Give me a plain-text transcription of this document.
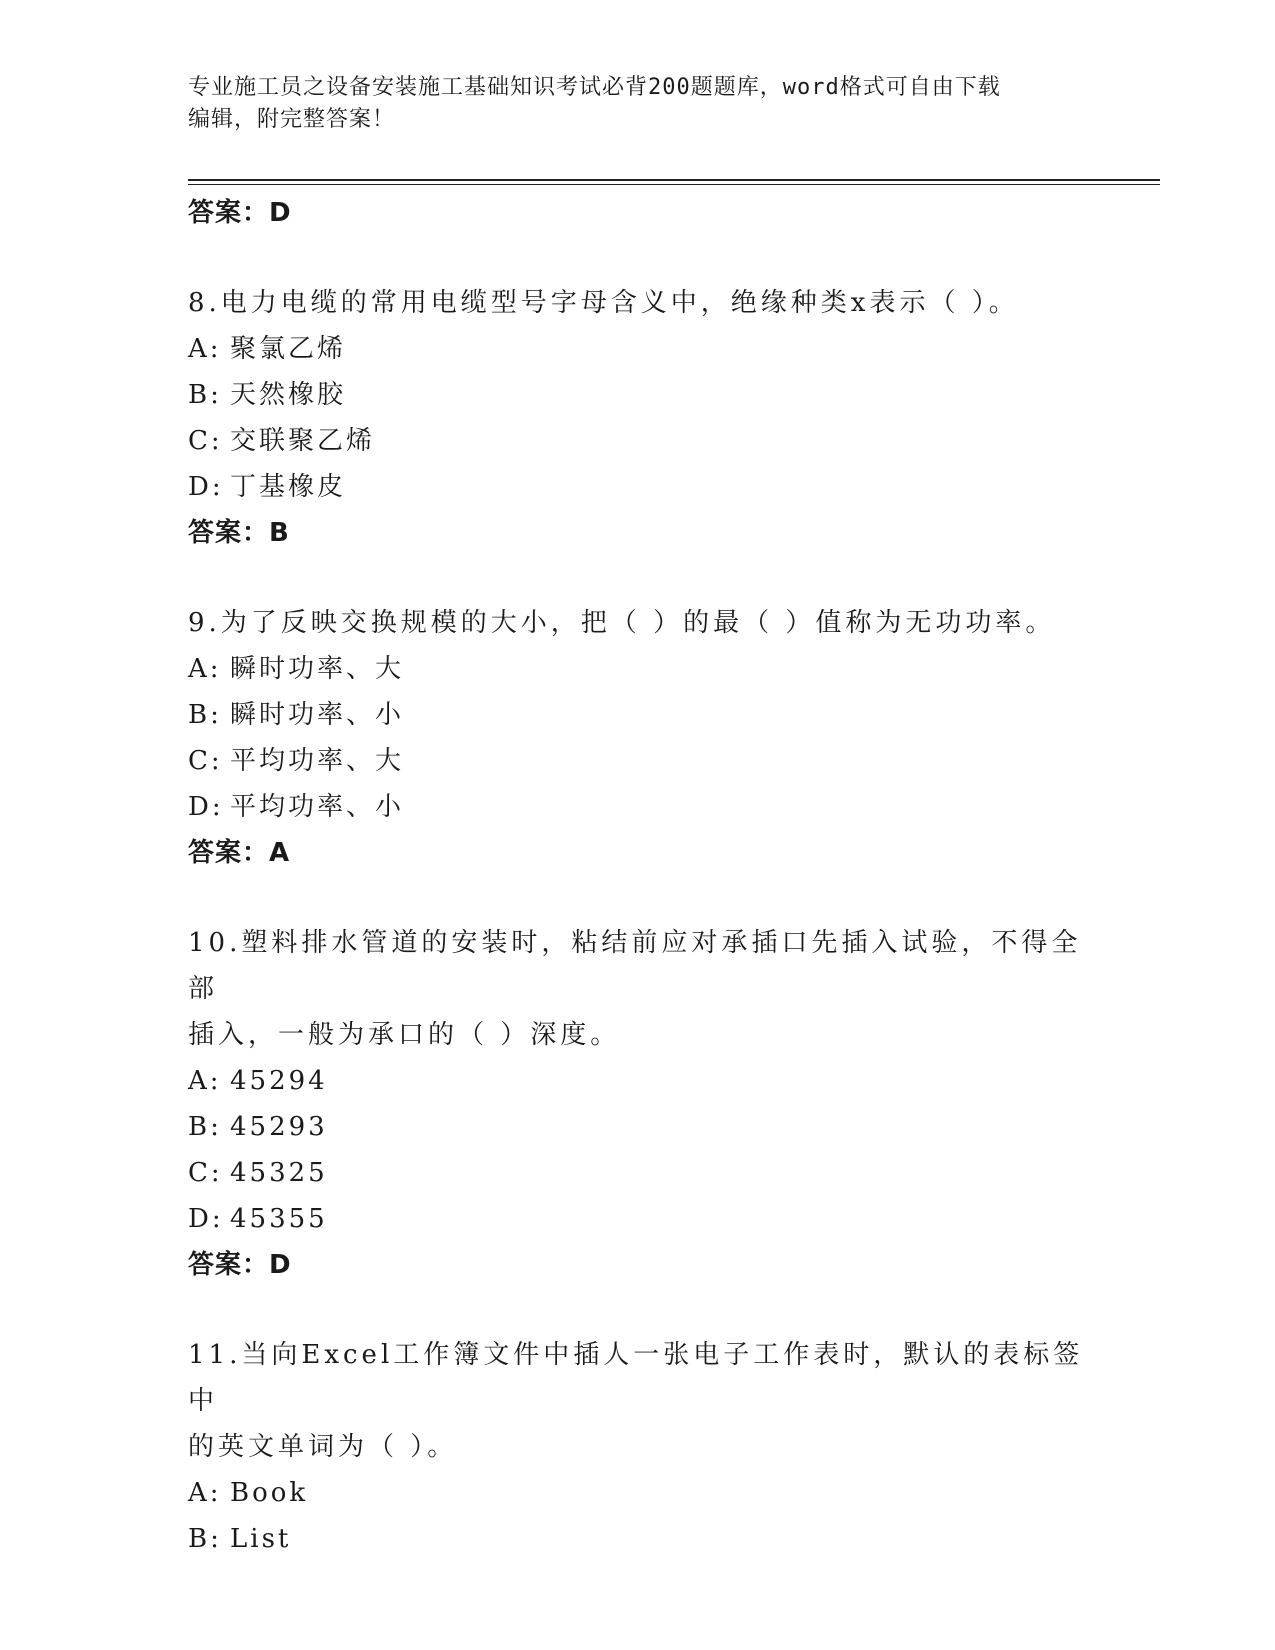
专业施工员之设备安装施工基础知识考试必背200题题库，word格式可自由下载
编辑，附完整答案！
答案：D
8.电力电缆的常用电缆型号字母含义中，绝缘种类x表示（ ）。
A: 聚氯乙烯
B: 天然橡胶
C: 交联聚乙烯
D: 丁基橡皮
答案：B
9.为了反映交换规模的大小，把（ ）的最（ ）值称为无功功率。
A: 瞬时功率、大
B: 瞬时功率、小
C: 平均功率、大
D: 平均功率、小
答案：A
10.塑料排水管道的安装时，粘结前应对承插口先插入试验，不得全部
插入，一般为承口的（ ）深度。
A: 45294
B: 45293
C: 45325
D: 45355
答案：D
11.当向Excel工作簿文件中插人一张电子工作表时，默认的表标签中
的英文单词为（ ）。
A: Book
B: List
